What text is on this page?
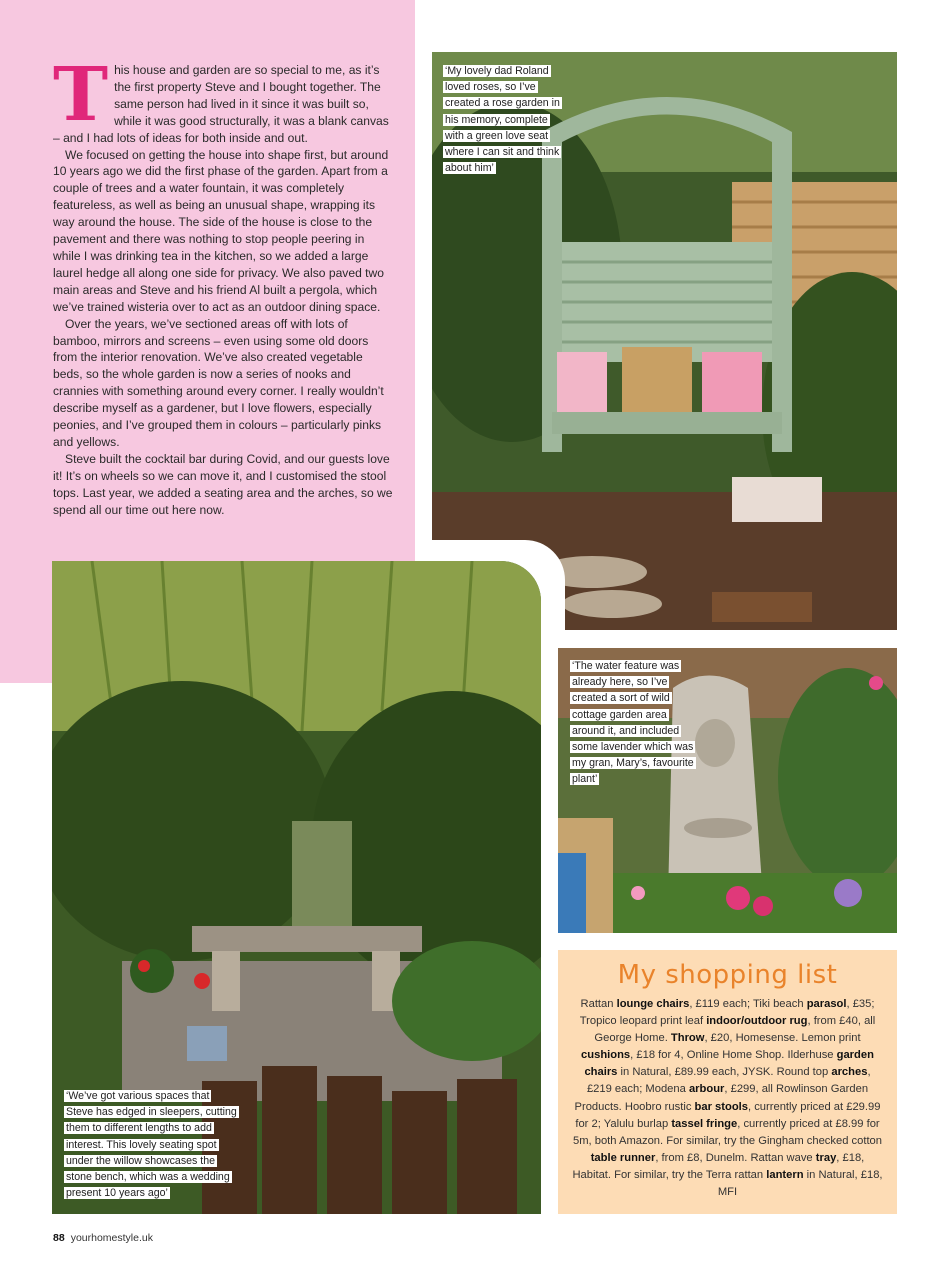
This house and garden are so special to me, as it’s the first property Steve and I bought together. The same person had lived in it since it was built so, while it was good structurally, it was a blank canvas – and I had lots of ideas for both inside and out.

We focused on getting the house into shape first, but around 10 years ago we did the first phase of the garden. Apart from a couple of trees and a water fountain, it was completely featureless, as well as being an unusual shape, wrapping its way around the house. The side of the house is close to the pavement and there was nothing to stop people peering in while I was drinking tea in the kitchen, so we added a large laurel hedge all along one side for privacy. We also paved two main areas and Steve and his friend Al built a pergola, which we’ve trained wisteria over to act as an outdoor dining space.

Over the years, we’ve sectioned areas off with lots of bamboo, mirrors and screens – even using some old doors from the interior renovation. We’ve also created vegetable beds, so the whole garden is now a series of nooks and crannies with something around every corner. I really wouldn’t describe myself as a gardener, but I love flowers, especially peonies, and I’ve grouped them in colours – particularly pinks and yellows.

Steve built the cocktail bar during Covid, and our guests love it! It’s on wheels so we can move it, and I customised the stool tops. Last year, we added a seating area and the arches, so we spend all our time out here now.

‘My lovely dad Roland loved roses, so I’ve created a rose garden in his memory, complete with a green love seat where I can sit and think about him’
‘The water feature was already here, so I’ve created a sort of wild cottage garden area around it, and included some lavender which was my gran, Mary’s, favourite plant’
‘We’ve got various spaces that Steve has edged in sleepers, cutting them to different lengths to add interest. This lovely seating spot under the willow showcases the stone bench, which was a wedding present 10 years ago’
My shopping list
Rattan lounge chairs, £119 each; Tiki beach parasol, £35; Tropico leopard print leaf indoor/outdoor rug, from £40, all George Home. Throw, £20, Homesense. Lemon print cushions, £18 for 4, Online Home Shop. Ilderhuse garden chairs in Natural, £89.99 each, JYSK. Round top arches, £219 each; Modena arbour, £299, all Rowlinson Garden Products. Hoobro rustic bar stools, currently priced at £29.99 for 2; Yalulu burlap tassel fringe, currently priced at £8.99 for 5m, both Amazon. For similar, try the Gingham checked cotton table runner, from £8, Dunelm. Rattan wave tray, £18, Habitat. For similar, try the Terra rattan lantern in Natural, £18, MFI
88 yourhomestyle.uk
